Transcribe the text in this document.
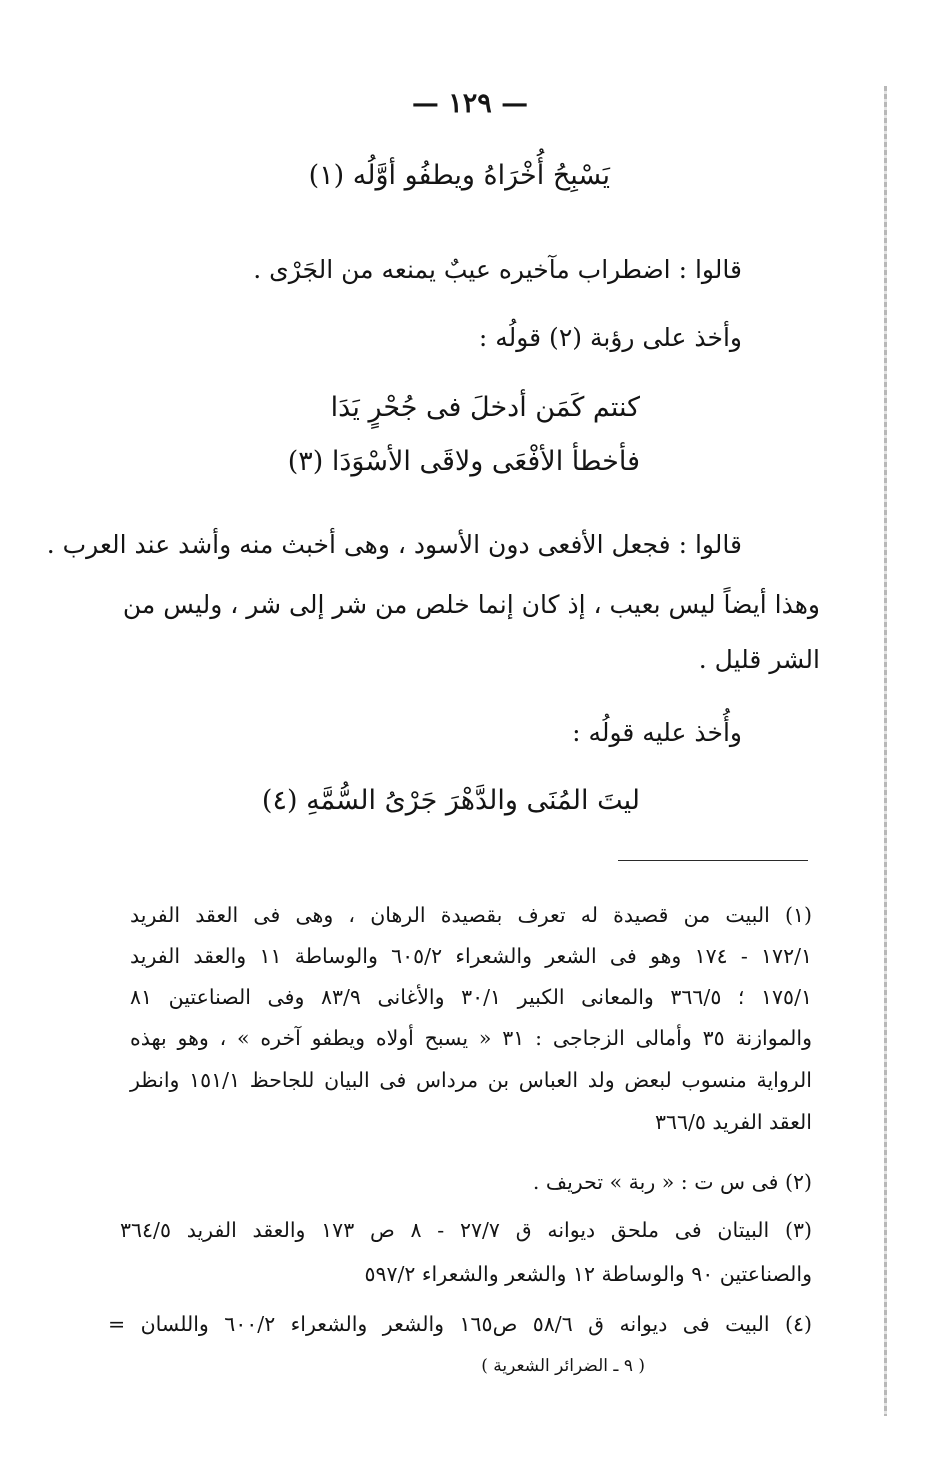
— ١٢٩ —
يَسْبِحُ أُخْرَاهُ ويطفُو أوَّلُه (١)
قالوا : اضطراب مآخيره عيبٌ يمنعه من الجَرْى .
وأخذ على رؤبة (٢) قولُه :
كنتم كَمَن أدخلَ فى جُحْرٍ يَدَا
فأخطأ الأفْعَى ولاقَى الأسْوَدَا (٣)
قالوا : فجعل الأفعى دون الأسود ، وهى أخبث منه وأشد عند العرب .
وهذا أيضاً ليس بعيب ، إذ كان إنما خلص من شر إلى شر ، وليس من
الشر قليل .
وأُخذ عليه قولُه :
ليتَ المُنَى والدَّهْرَ جَرْىُ السُّمَّهِ (٤)
(١) البيت من قصيدة له تعرف بقصيدة الرهان ، وهى فى العقد الفريد
١٧٢/١ - ١٧٤ وهو فى الشعر والشعراء ٦٠٥/٢ والوساطة ١١ والعقد الفريد
١٧٥/١ ؛ ٣٦٦/٥ والمعانى الكبير ٣٠/١ والأغانى ٨٣/٩ وفى الصناعتين ٨١
والموازنة ٣٥ وأمالى الزجاجى : ٣١ « يسبح أولاه ويطفو آخره » ، وهو بهذه
الرواية منسوب لبعض ولد العباس بن مرداس فى البيان للجاحظ ١٥١/١ وانظر
العقد الفريد ٣٦٦/٥
(٢) فى س ت : « ربة » تحريف .
(٣) البيتان فى ملحق ديوانه ق ٢٧/٧ - ٨ ص ١٧٣ والعقد الفريد ٣٦٤/٥
والصناعتين ٩٠ والوساطة ١٢ والشعر والشعراء ٥٩٧/٢
(٤) البيت فى ديوانه ق ٥٨/٦ ص١٦٥ والشعر والشعراء ٦٠٠/٢ واللسان =
( ٩ ـ الضرائر الشعرية )
